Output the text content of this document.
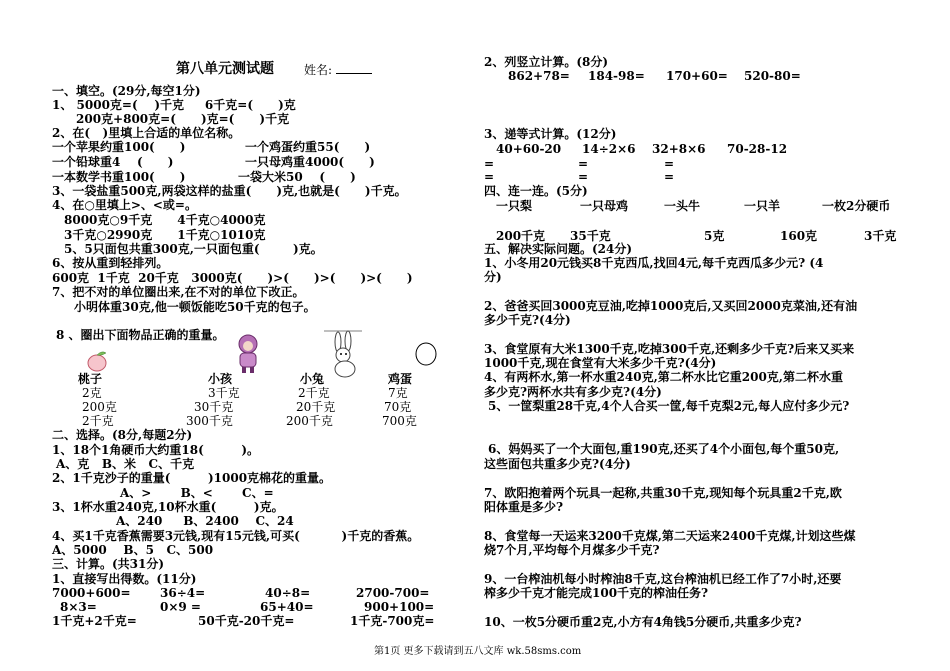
第八单元测试题	姓名:
一、填空。(29分,每空1分)
1、 5000克=(    )千克     6千克=(      )克
200克+800克=(      )克=(      )千克
2、在(   )里填上合适的单位名称。
一个苹果约重100(      )	一个鸡蛋约重55(      )
一个铅球重4    (      )	一只母鸡重4000(      )
一本数学书重100(      )	一袋大米50    (      )
3、一袋盐重500克,两袋这样的盐重(      )克,也就是(      )千克。
4、在○里填上>、<或=。
8000克○9千克      4千克○4000克
3千克○2990克      1千克○1010克
5、5只面包共重300克,一只面包重(        )克。
6、按从重到轻排列。
600克  1千克  20千克   3000克(      )>(      )>(      )>(      )
7、把不对的单位圈出来,在不对的单位下改正。
小明体重30克,他一顿饭能吃50千克的包子。
8 、圈出下面物品正确的重量。
桃子	小孩	小兔	鸡蛋
2克	3千克	2千克	7克
200克	30千克	20千克	70克
2千克	300千克	200千克	700克
二、选择。(8分,每题2分)
1、18个1角硬币大约重18(         )。
A、克   B、米   C、千克
2、1千克沙子的重量(         )1000克棉花的重量。
A、>       B、<       C、=
3、1杯水重240克,10杯水重(         )克。
A、240     B、2400    C、24
4、买1千克香蕉需要3元钱,现有15元钱,可买(          )千克的香蕉。
A、5000    B、5   C、500
三、计算。(共31分)
1、直接写出得数。(11分)
7000+600= 36÷4=	40÷8=	2700-700=
8×3=	0×9 =	65+40=	900+100=
1千克+2千克=	50千克-20千克=	1千克-700克=
2、列竖立计算。(8分)
862+78= 184-98= 170+60= 520-80=
3、递等式计算。(12分)
40+60-20 14÷2×6 32+8×6 70-28-12
=	=	=
=	=	=
四、连一连。(5分)
一只梨	一只母鸡	一头牛	一只羊	一枚2分硬币
200千克 35千克	5克	160克	3千克
五、解决实际问题。(24分)
1、小冬用20元钱买8千克西瓜,找回4元,每千克西瓜多少元? (4
分)
2、爸爸买回3000克豆油,吃掉1000克后,又买回2000克菜油,还有油
多少千克?(4分)
3、食堂原有大米1300千克,吃掉300千克,还剩多少千克?后来又买来
1000千克,现在食堂有大米多少千克?(4分)
4、有两杯水,第一杯水重240克,第二杯水比它重200克,第二杯水重
多少克?两杯水共有多少克?(4分)
5、一筐梨重28千克,4个人合买一筐,每千克梨2元,每人应付多少元?
6、妈妈买了一个大面包,重190克,还买了4个小面包,每个重50克,
这些面包共重多少克?(4分)
7、欧阳抱着两个玩具一起称,共重30千克,现知每个玩具重2千克,欧
阳体重是多少?
8、食堂每一天运来3200千克煤,第二天运来2400千克煤,计划这些煤
烧7个月,平均每个月煤多少千克?
9、一台榨油机每小时榨油8千克,这台榨油机已经工作了7小时,还要
榨多少千克才能完成100千克的榨油任务?
10、一枚5分硬币重2克,小方有4角钱5分硬币,共重多少克?
第1页 更多下载请到五八文库 wk.58sms.com
